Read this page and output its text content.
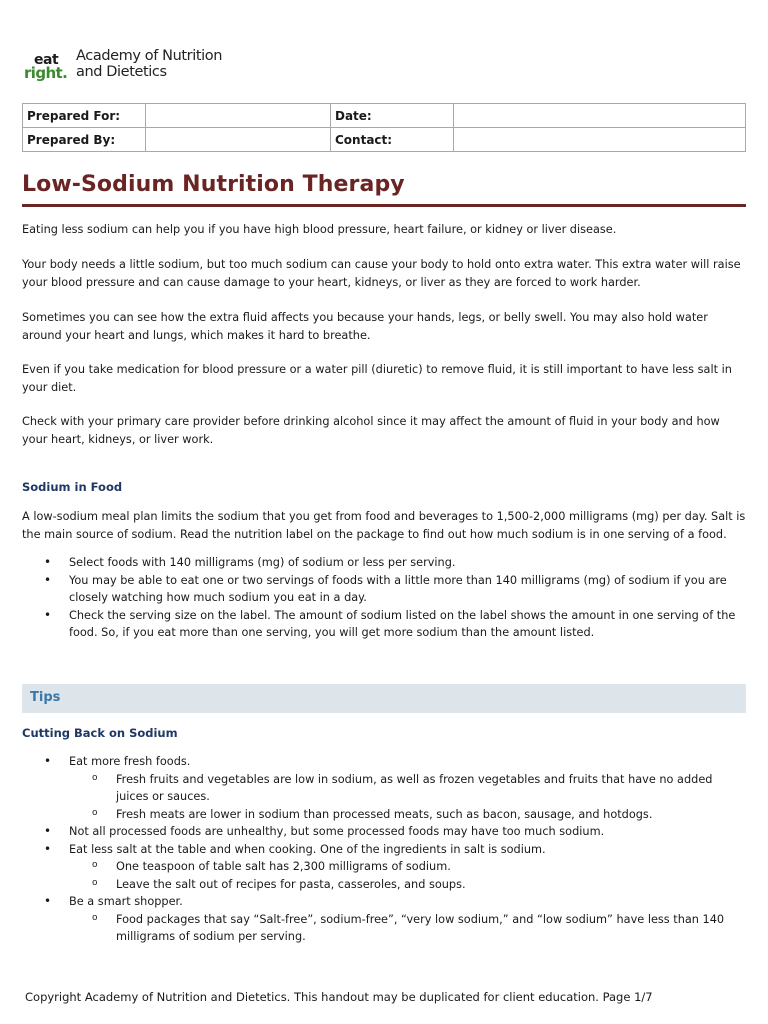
eat
right.
Academy of Nutrition
and Dietetics
Prepared For:		Date:	
Prepared By:		Contact:	
Low-Sodium Nutrition Therapy

Eating less sodium can help you if you have high blood pressure, heart failure, or kidney or liver disease.

Your body needs a little sodium, but too much sodium can cause your body to hold onto extra water. This extra water will raise your blood pressure and can cause damage to your heart, kidneys, or liver as they are forced to work harder.

Sometimes you can see how the extra fluid affects you because your hands, legs, or belly swell. You may also hold water around your heart and lungs, which makes it hard to breathe.

Even if you take medication for blood pressure or a water pill (diuretic) to remove fluid, it is still important to have less salt in your diet.

Check with your primary care provider before drinking alcohol since it may affect the amount of fluid in your body and how your heart, kidneys, or liver work.

Sodium in Food

A low-sodium meal plan limits the sodium that you get from food and beverages to 1,500-2,000 milligrams (mg) per day. Salt is the main source of sodium. Read the nutrition label on the package to find out how much sodium is in one serving of a food.

• Select foods with 140 milligrams (mg) of sodium or less per serving.
• You may be able to eat one or two servings of foods with a little more than 140 milligrams (mg) of sodium if you are closely watching how much sodium you eat in a day.
• Check the serving size on the label. The amount of sodium listed on the label shows the amount in one serving of the food. So, if you eat more than one serving, you will get more sodium than the amount listed.
Tips
Cutting Back on Sodium
• Eat more fresh foods.
o Fresh fruits and vegetables are low in sodium, as well as frozen vegetables and fruits that have no added juices or sauces.
o Fresh meats are lower in sodium than processed meats, such as bacon, sausage, and hotdogs.
• Not all processed foods are unhealthy, but some processed foods may have too much sodium.
• Eat less salt at the table and when cooking. One of the ingredients in salt is sodium.
o One teaspoon of table salt has 2,300 milligrams of sodium.
o Leave the salt out of recipes for pasta, casseroles, and soups.
• Be a smart shopper.
o Food packages that say “Salt-free”, sodium-free”, “very low sodium,” and “low sodium” have less than 140 milligrams of sodium per serving.
Copyright Academy of Nutrition and Dietetics. This handout may be duplicated for client education. Page 1/7
